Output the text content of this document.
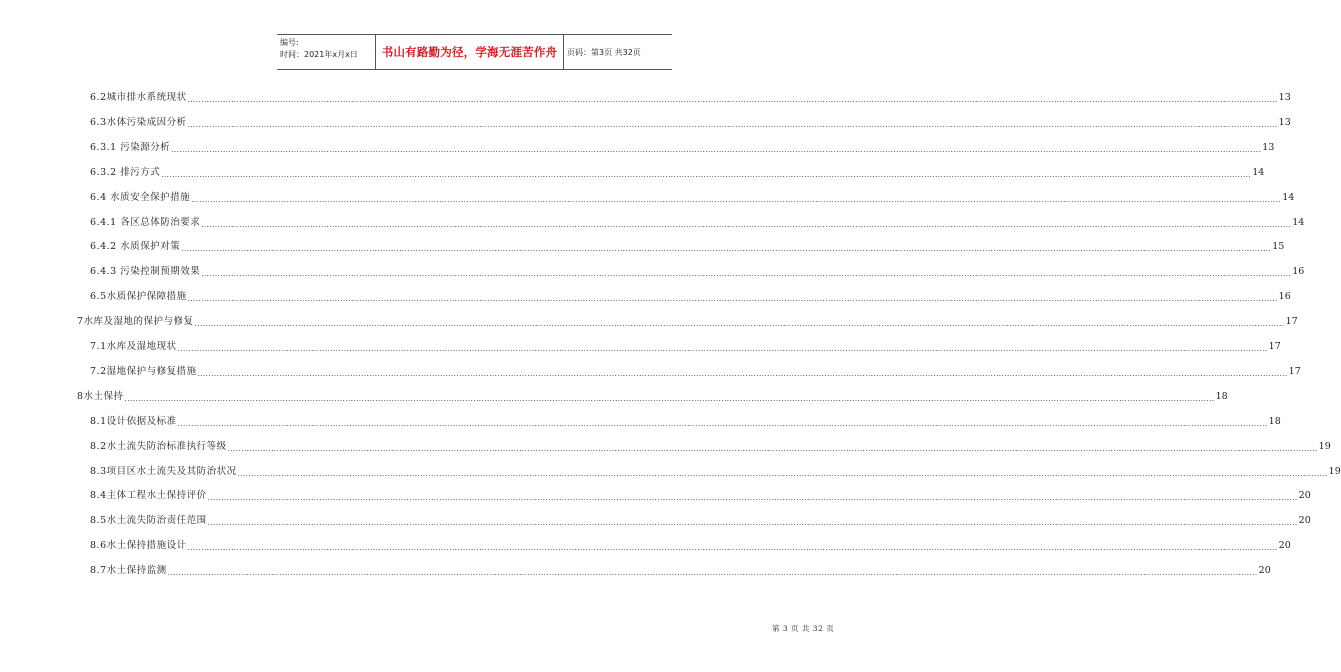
编号:
时间：2021年x月x日	书山有路勤为径，学海无涯苦作舟	页码：第3页 共32页
6.2城市排水系统现状 ................................................................................................................................................................................................................................................................................................................................................................................................................ 13
6.3水体污染成因分析 ................................................................................................................................................................................................................................................................................................................................................................................................................ 13
6.3.1 污染源分析 ................................................................................................................................................................................................................................................................................................................................................................................................................ 13
6.3.2 排污方式 ................................................................................................................................................................................................................................................................................................................................................................................................................ 14
6.4 水质安全保护措施 ................................................................................................................................................................................................................................................................................................................................................................................................................ 14
6.4.1 各区总体防治要求 ................................................................................................................................................................................................................................................................................................................................................................................................................ 14
6.4.2 水质保护对策 ................................................................................................................................................................................................................................................................................................................................................................................................................ 15
6.4.3 污染控制预期效果 ................................................................................................................................................................................................................................................................................................................................................................................................................ 16
6.5水质保护保障措施 ................................................................................................................................................................................................................................................................................................................................................................................................................ 16
7水库及湿地的保护与修复 ................................................................................................................................................................................................................................................................................................................................................................................................................ 17
7.1水库及湿地现状 ................................................................................................................................................................................................................................................................................................................................................................................................................ 17
7.2湿地保护与修复措施 ................................................................................................................................................................................................................................................................................................................................................................................................................ 17
8水土保持 ................................................................................................................................................................................................................................................................................................................................................................................................................ 18
8.1设计依据及标准 ................................................................................................................................................................................................................................................................................................................................................................................................................ 18
8.2水土流失防治标准执行等级 ................................................................................................................................................................................................................................................................................................................................................................................................................ 19
8.3项目区水土流失及其防治状况 ................................................................................................................................................................................................................................................................................................................................................................................................................ 19
8.4主体工程水土保持评价 ................................................................................................................................................................................................................................................................................................................................................................................................................ 20
8.5水土流失防治责任范围 ................................................................................................................................................................................................................................................................................................................................................................................................................ 20
8.6水土保持措施设计 ................................................................................................................................................................................................................................................................................................................................................................................................................ 20
8.7水土保持监测 ................................................................................................................................................................................................................................................................................................................................................................................................................ 20
第 3 页 共 32 页
